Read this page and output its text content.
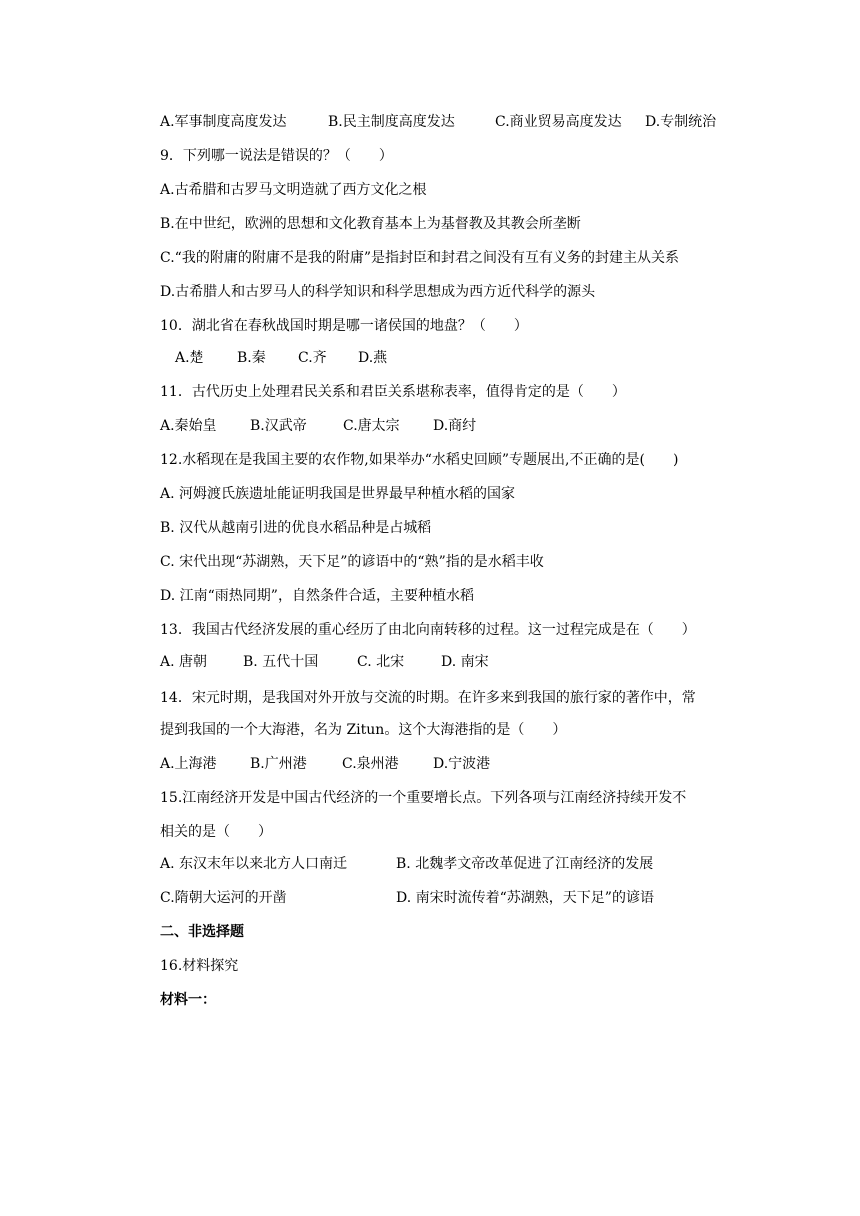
A.军事制度高度发达	B.民主制度高度发达	C.商业贸易高度发达 D.专制统治
9．下列哪一说法是错误的？（　　）
A.古希腊和古罗马文明造就了西方文化之根
B.在中世纪，欧洲的思想和文化教育基本上为基督教及其教会所垄断
C.“我的附庸的附庸不是我的附庸”是指封臣和封君之间没有互有义务的封建主从关系
D.古希腊人和古罗马人的科学知识和科学思想成为西方近代科学的源头
10．湖北省在春秋战国时期是哪一诸侯国的地盘？（　　）
A.楚 B.秦 C.齐 D.燕
11．古代历史上处理君民关系和君臣关系堪称表率，值得肯定的是（　　）
A.秦始皇 B.汉武帝	C.唐太宗 D.商纣
12.水稻现在是我国主要的农作物,如果举办“水稻史回顾”专题展出,不正确的是(　　)
A. 河姆渡氏族遗址能证明我国是世界最早种植水稻的国家
B. 汉代从越南引进的优良水稻品种是占城稻
C. 宋代出现“苏湖熟，天下足”的谚语中的“熟”指的是水稻丰收
D. 江南“雨热同期”，自然条件合适，主要种植水稻
13．我国古代经济发展的重心经历了由北向南转移的过程。这一过程完成是在（　　）
A. 唐朝	B. 五代十国	C. 北宋	D. 南宋
14．宋元时期，是我国对外开放与交流的时期。在许多来到我国的旅行家的著作中，常
提到我国的一个大海港，名为 Zitun。这个大海港指的是（　　）
A.上海港 B.广州港	C.泉州港 D.宁波港
15.江南经济开发是中国古代经济的一个重要增长点。下列各项与江南经济持续开发不
相关的是（　　）
A. 东汉末年以来北方人口南迁	B. 北魏孝文帝改革促进了江南经济的发展
C.隋朝大运河的开凿	D. 南宋时流传着“苏湖熟，天下足”的谚语
二、非选择题
16.材料探究
材料一：
